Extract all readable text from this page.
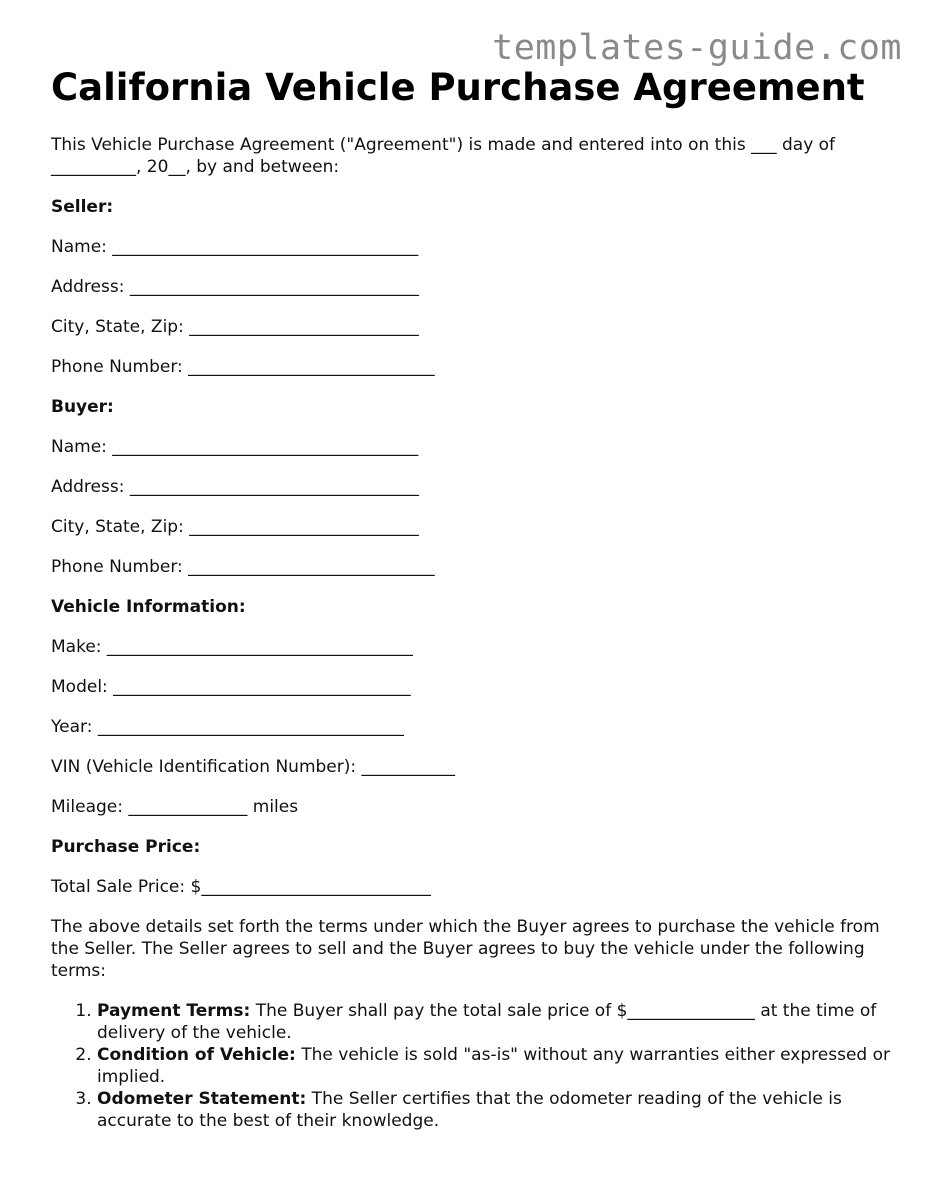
templates-guide.com
California Vehicle Purchase Agreement

This Vehicle Purchase Agreement ("Agreement") is made and entered into on this ___ day of __________, 20__, by and between:

Seller:
Name: ____________________________________
Address: __________________________________
City, State, Zip: ___________________________
Phone Number: _____________________________
Buyer:
Name: ____________________________________
Address: __________________________________
City, State, Zip: ___________________________
Phone Number: _____________________________
Vehicle Information:
Make: ____________________________________
Model: ___________________________________
Year: ____________________________________
VIN (Vehicle Identification Number): ___________
Mileage: ______________ miles
Purchase Price:
Total Sale Price: $___________________________

The above details set forth the terms under which the Buyer agrees to purchase the vehicle from the Seller. The Seller agrees to sell and the Buyer agrees to buy the vehicle under the following terms:

1. Payment Terms: The Buyer shall pay the total sale price of $_______________ at the time of delivery of the vehicle.
2. Condition of Vehicle: The vehicle is sold "as-is" without any warranties either expressed or implied.
3. Odometer Statement: The Seller certifies that the odometer reading of the vehicle is accurate to the best of their knowledge.
